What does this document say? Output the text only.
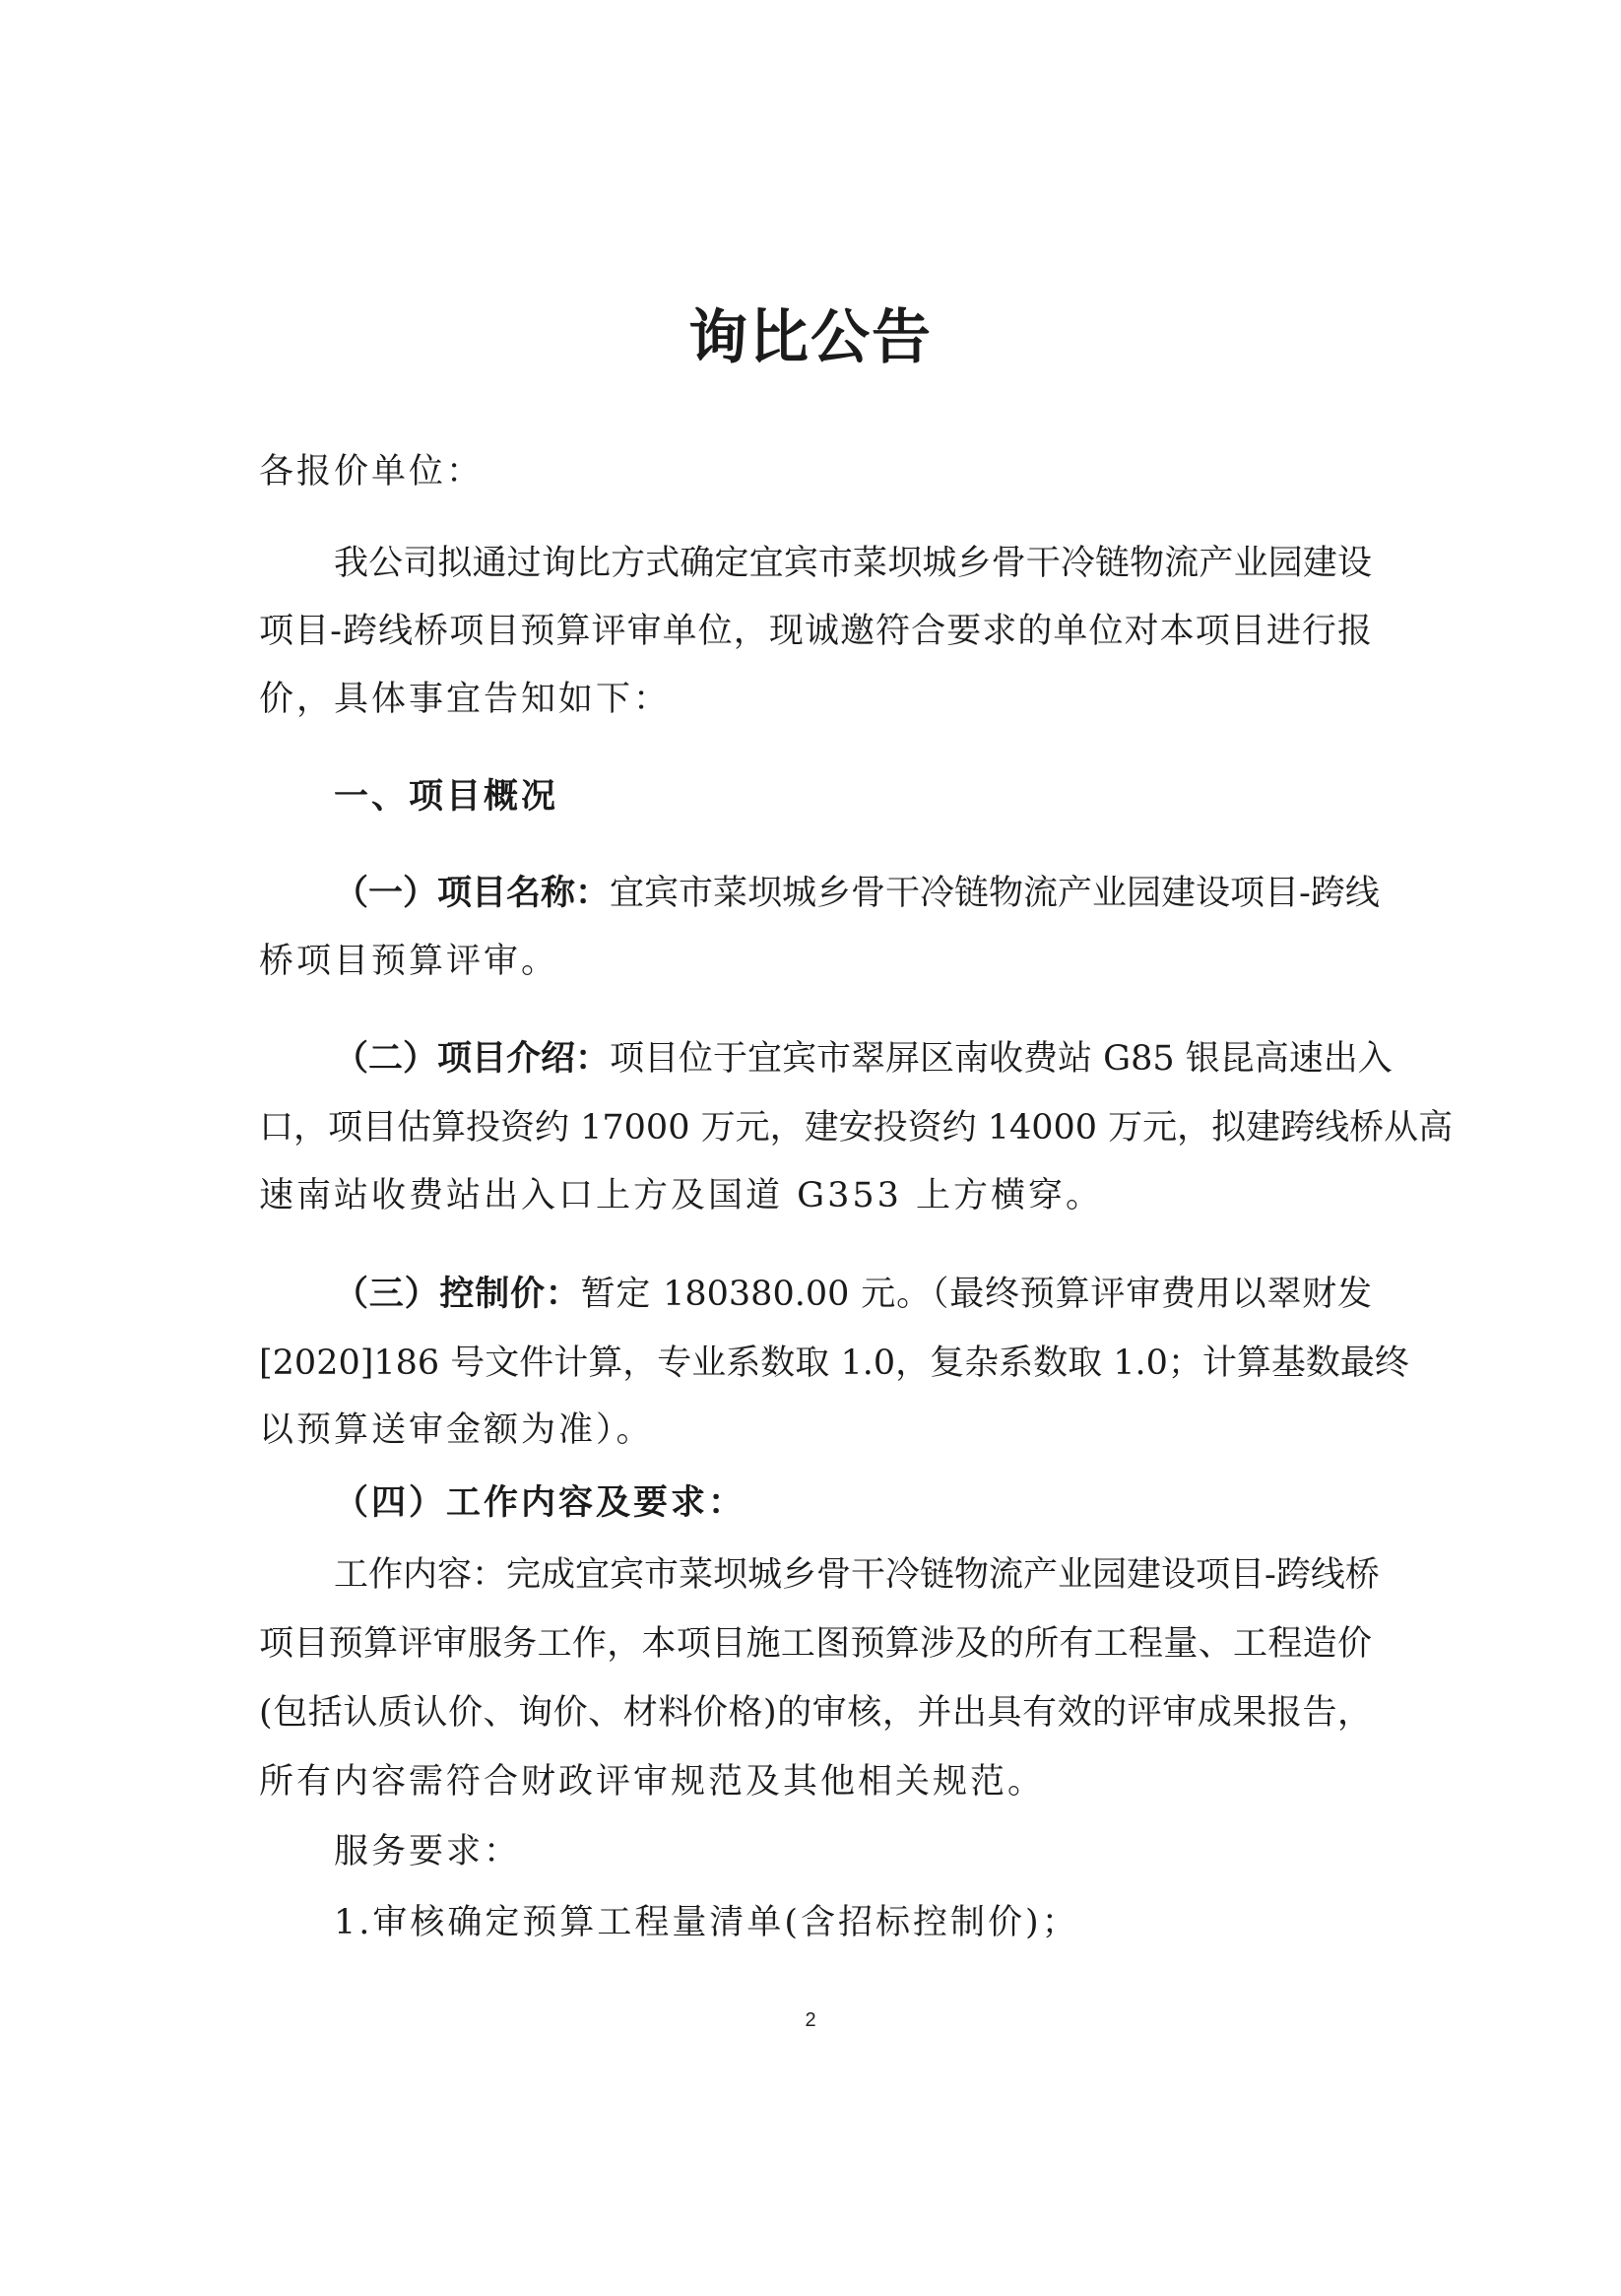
询比公告
各报价单位：
我公司拟通过询比方式确定宜宾市菜坝城乡骨干冷链物流产业园建设
项目-跨线桥项目预算评审单位，现诚邀符合要求的单位对本项目进行报
价，具体事宜告知如下：
一、项目概况
（一）项目名称：宜宾市菜坝城乡骨干冷链物流产业园建设项目-跨线
桥项目预算评审。
（二）项目介绍：项目位于宜宾市翠屏区南收费站 G85 银昆高速出入
口，项目估算投资约 17000 万元，建安投资约 14000 万元，拟建跨线桥从高
速南站收费站出入口上方及国道 G353 上方横穿。
（三）控制价：暂定 180380.00 元。（最终预算评审费用以翠财发
[2020]186 号文件计算，专业系数取 1.0，复杂系数取 1.0；计算基数最终
以预算送审金额为准）。
（四）工作内容及要求：
工作内容：完成宜宾市菜坝城乡骨干冷链物流产业园建设项目-跨线桥
项目预算评审服务工作，本项目施工图预算涉及的所有工程量、工程造价
(包括认质认价、询价、材料价格)的审核，并出具有效的评审成果报告，
所有内容需符合财政评审规范及其他相关规范。
服务要求：
1.审核确定预算工程量清单(含招标控制价)；
2
